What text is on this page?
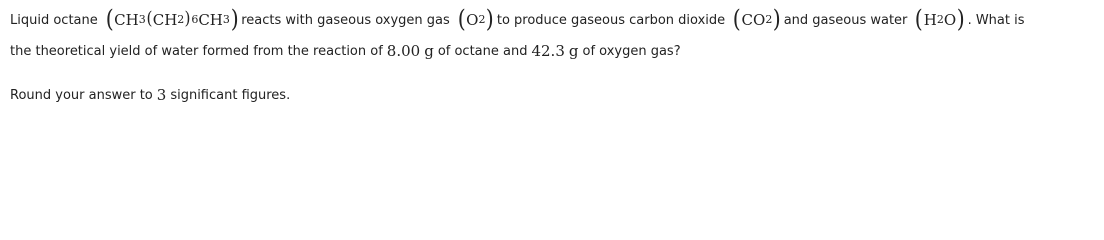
Liquid octane ( CH 3 ( CH 2 ) 6 CH 3 ) reacts with gaseous oxygen gas ( O 2 ) to produce gaseous carbon dioxide ( CO 2 ) and gaseous water ( H 2 O ) . What is
the theoretical yield of water formed from the reaction of 8.00 g of octane and 42.3 g of oxygen gas?
Round your answer to 3 significant figures.
